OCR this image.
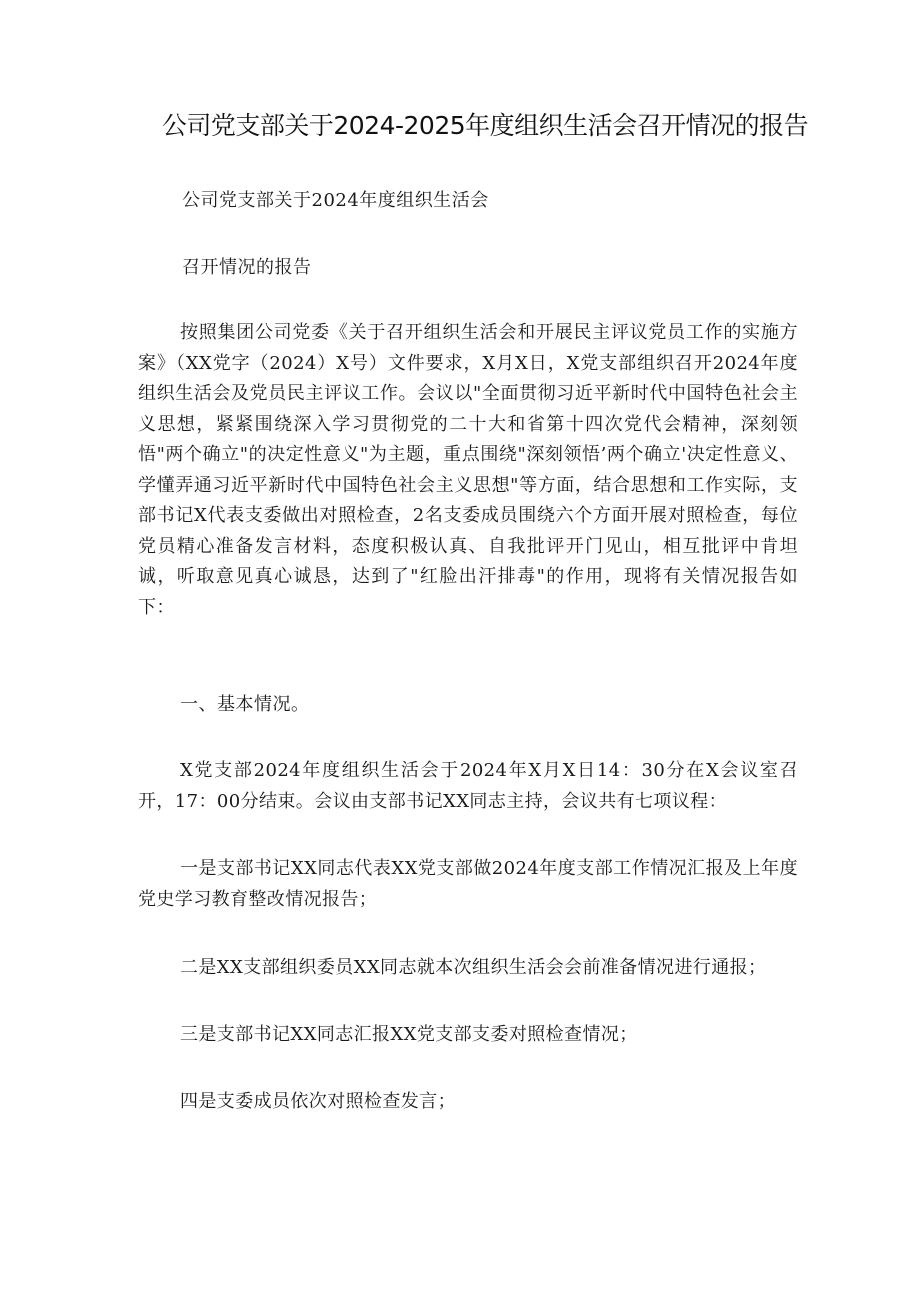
公司党支部关于2024-2025年度组织生活会召开情况的报告
公司党支部关于2024年度组织生活会
召开情况的报告
按照集团公司党委《关于召开组织生活会和开展民主评议党员工作的实施方案》（XX党字（2024）X号）文件要求，X月X日，X党支部组织召开2024年度组织生活会及党员民主评议工作。会议以"全面贯彻习近平新时代中国特色社会主义思想，紧紧围绕深入学习贯彻党的二十大和省第十四次党代会精神，深刻领悟"两个确立"的决定性意义"为主题，重点围绕"深刻领悟’两个确立'决定性意义、学懂弄通习近平新时代中国特色社会主义思想"等方面，结合思想和工作实际，支部书记X代表支委做出对照检查，2名支委成员围绕六个方面开展对照检查，每位党员精心准备发言材料，态度积极认真、自我批评开门见山，相互批评中肯坦诚，听取意见真心诚恳，达到了"红脸出汗排毒"的作用，现将有关情况报告如下：
一、基本情况。
X党支部2024年度组织生活会于2024年X月X日14：30分在X会议室召开，17：00分结束。会议由支部书记XX同志主持，会议共有七项议程：
一是支部书记XX同志代表XX党支部做2024年度支部工作情况汇报及上年度党史学习教育整改情况报告；
二是XX支部组织委员XX同志就本次组织生活会会前准备情况进行通报；
三是支部书记XX同志汇报XX党支部支委对照检查情况；
四是支委成员依次对照检查发言；
